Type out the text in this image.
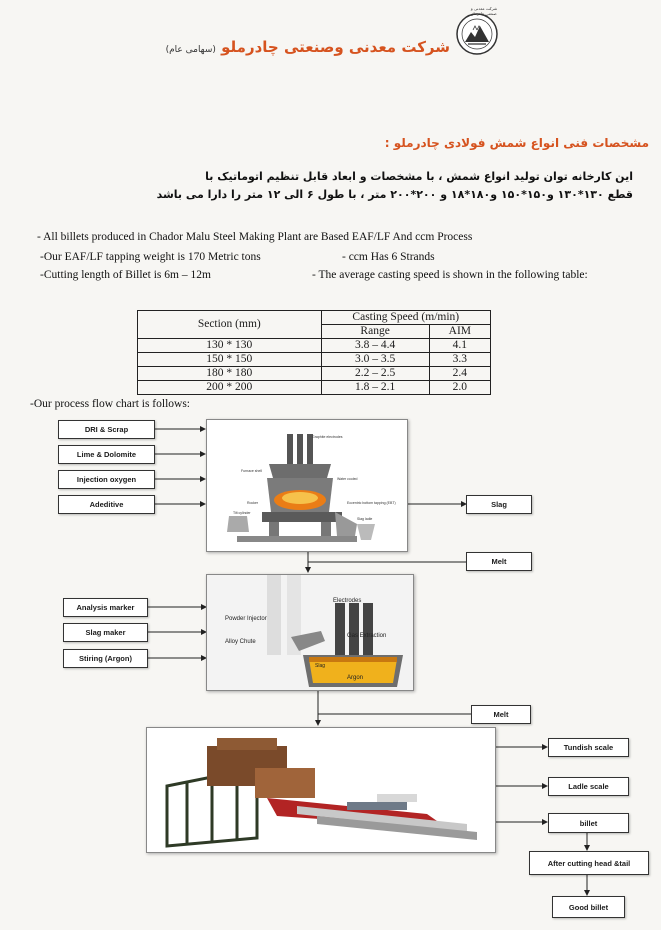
شرکت معدنی و صنعتی چادرملو
شرکت معدنی وصنعتی چادرملو (سهامی عام)
مشخصات فنی انواع شمش فولادی چادرملو :
این کارخانه توان تولید انواع شمش ، با مشخصات و ابعاد قابل تنظیم اتوماتیک با
قطع ۱۳۰*۱۳۰ و۱۵۰*۱۵۰ و۱۸۰*۱۸ و ۲۰۰*۲۰۰ متر ، با طول ۶ الی ۱۲ متر را دارا می باشد
- All billets produced in Chador Malu Steel Making Plant are Based EAF/LF And ccm Process
-Our EAF/LF tapping weight is 170 Metric tons	- ccm Has 6 Strands
-Cutting length of Billet is 6m – 12m	- The average casting speed is shown in the following table:
Section (mm)	Casting Speed (m/min)	
	Range	AIM
130 * 130	3.8 – 4.4	4.1
150 * 150	3.0 – 3.5	3.3
180 * 180	2.2 – 2.5	2.4
200 * 200	1.8 – 2.1	2.0
-Our process flow chart is follows:
DRI & Scrap
Lime & Dolomite
Injection oxygen
Adeditive
Graphite electrodes
Furnace shell
Water cooled
Eccentric bottom tapping (EBT)
Slag ladle
Tilt cylinder
Rocker	Slag
Melt
Analysis marker
Slag maker
Stiring (Argon)
Electrodes
Powder Injector
Alloy Chute
Gas Extraction
Slag
Argon
Melt
Tundish scale
Ladle scale
billet
After cutting head &tail
Good billet
